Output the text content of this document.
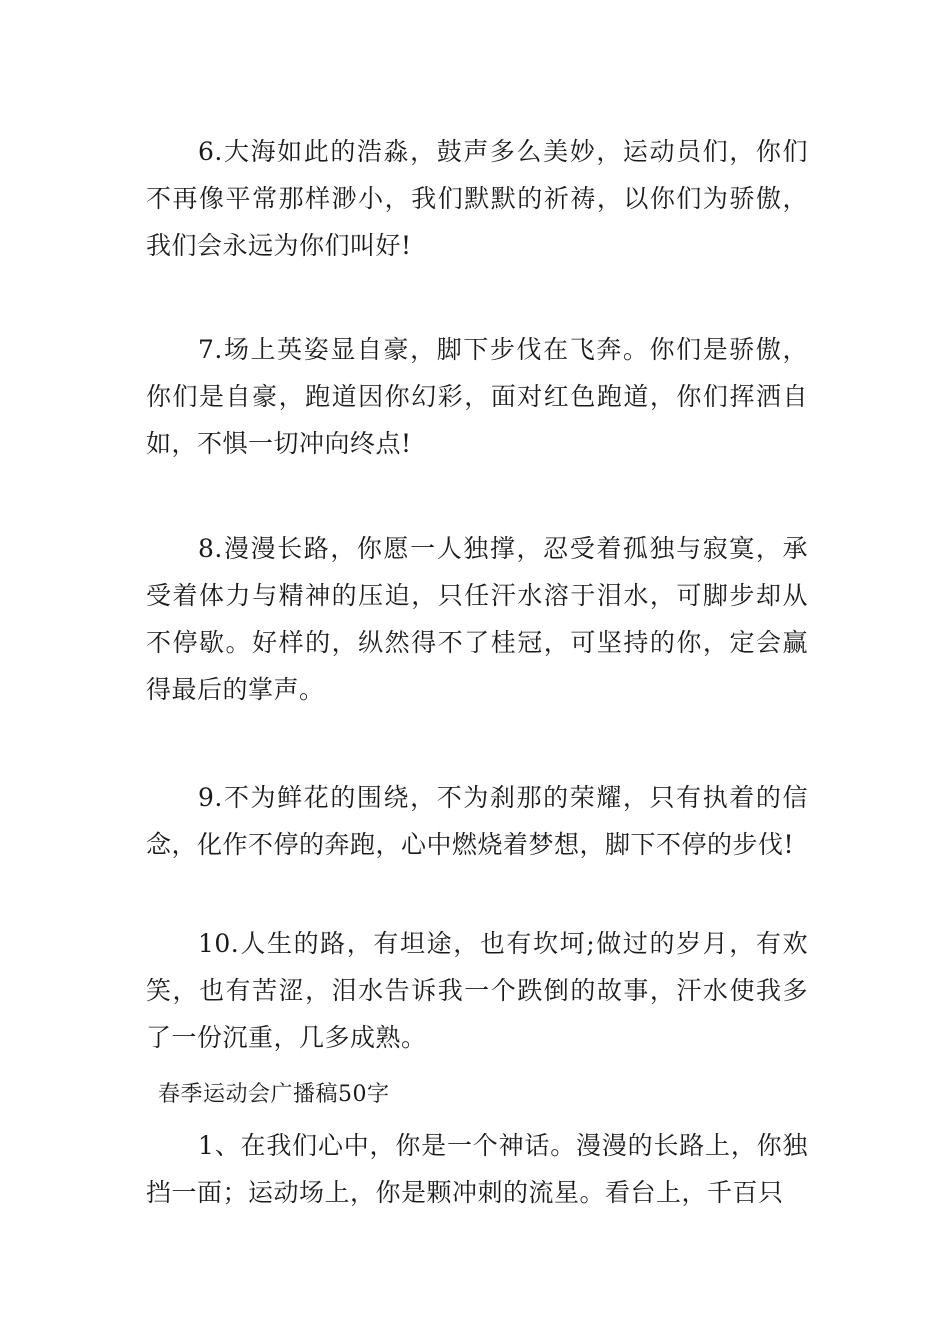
6.大海如此的浩淼，鼓声多么美妙，运动员们，你们不再像平常那样渺小，我们默默的祈祷，以你们为骄傲，我们会永远为你们叫好!

7.场上英姿显自豪，脚下步伐在飞奔。你们是骄傲，你们是自豪，跑道因你幻彩，面对红色跑道，你们挥洒自如，不惧一切冲向终点!

8.漫漫长路，你愿一人独撑，忍受着孤独与寂寞，承受着体力与精神的压迫，只任汗水溶于泪水，可脚步却从不停歇。好样的，纵然得不了桂冠，可坚持的你，定会赢得最后的掌声。

9.不为鲜花的围绕，不为刹那的荣耀，只有执着的信念，化作不停的奔跑，心中燃烧着梦想，脚下不停的步伐!

10.人生的路，有坦途，也有坎坷;做过的岁月，有欢笑，也有苦涩，泪水告诉我一个跌倒的故事，汗水使我多了一份沉重，几多成熟。

春季运动会广播稿50字

1、在我们心中，你是一个神话。漫漫的长路上，你独挡一面；运动场上，你是颗冲刺的流星。看台上，千百只
